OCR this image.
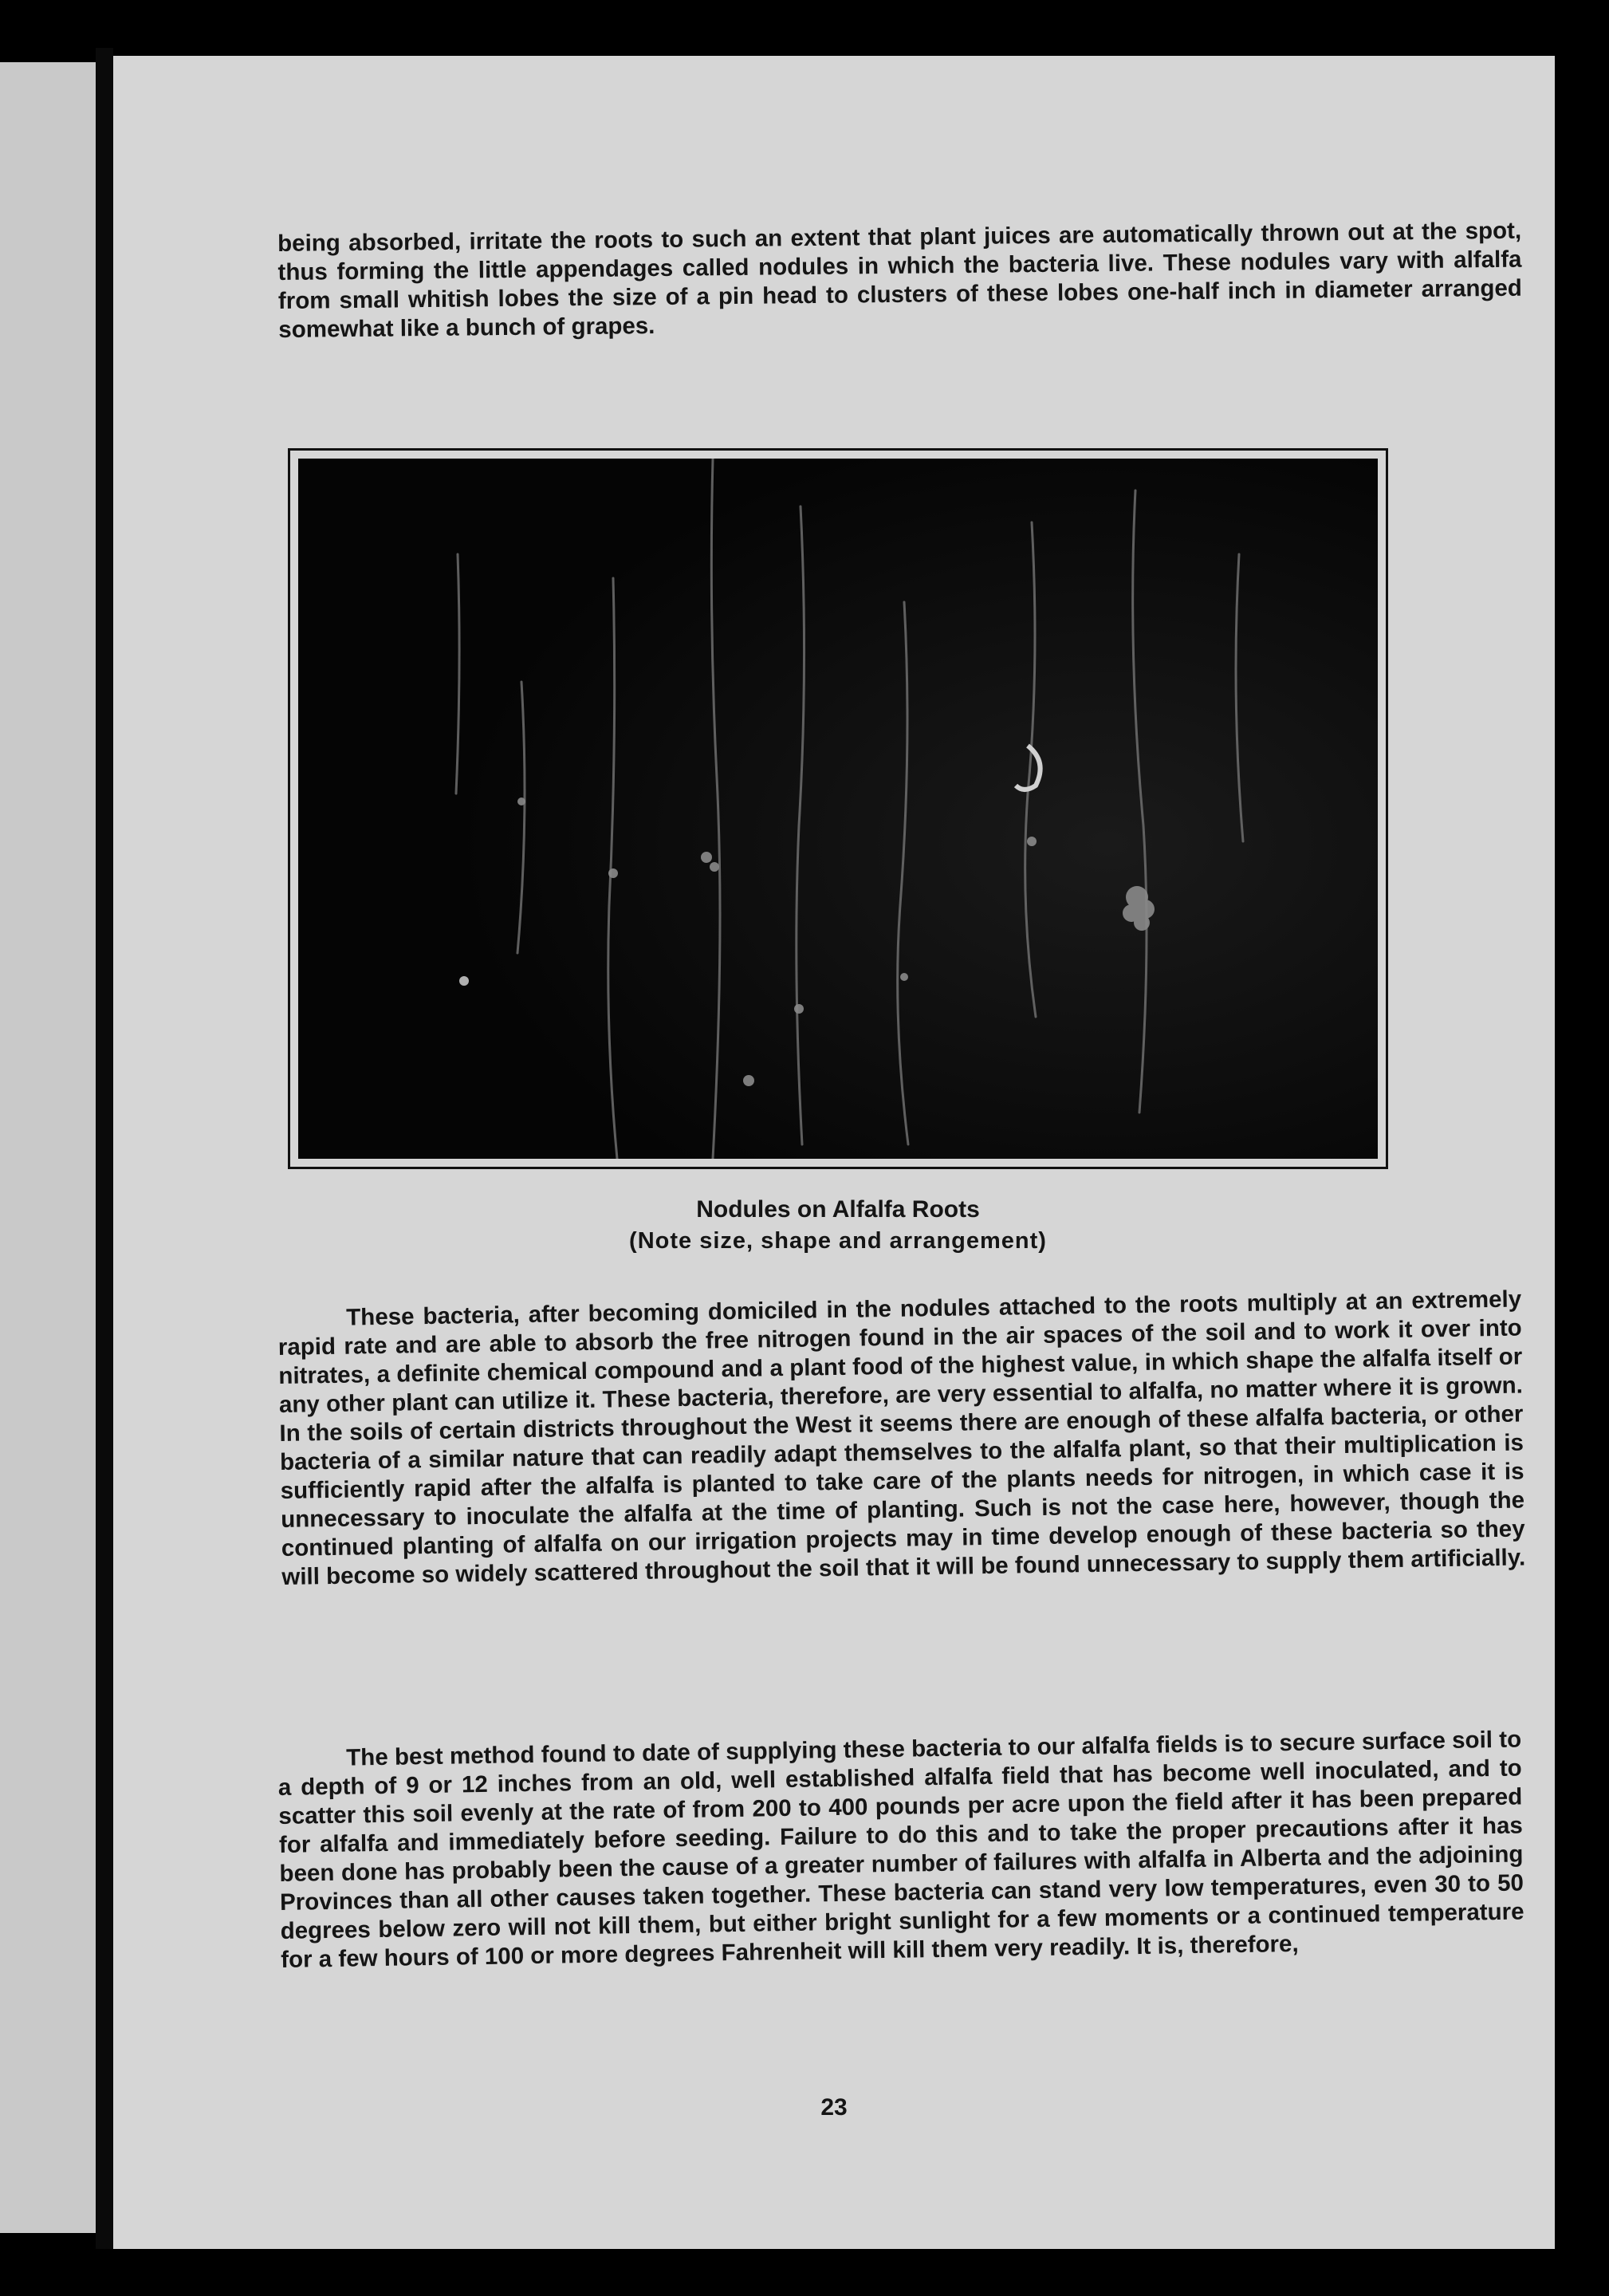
being absorbed, irritate the roots to such an extent that plant juices are automatically thrown out at the spot, thus forming the little appendages called nodules in which the bacteria live. These nodules vary with alfalfa from small whitish lobes the size of a pin head to clusters of these lobes one-half inch in diameter arranged somewhat like a bunch of grapes.

Nodules on Alfalfa Roots
(Note size, shape and arrangement)

These bacteria, after becoming domiciled in the nodules attached to the roots multiply at an extremely rapid rate and are able to absorb the free nitrogen found in the air spaces of the soil and to work it over into nitrates, a definite chemical compound and a plant food of the highest value, in which shape the alfalfa itself or any other plant can utilize it. These bacteria, therefore, are very essential to alfalfa, no matter where it is grown. In the soils of certain districts throughout the West it seems there are enough of these alfalfa bacteria, or other bacteria of a similar nature that can readily adapt themselves to the alfalfa plant, so that their multiplication is sufficiently rapid after the alfalfa is planted to take care of the plants needs for nitrogen, in which case it is unnecessary to inoculate the alfalfa at the time of planting. Such is not the case here, however, though the continued planting of alfalfa on our irrigation projects may in time develop enough of these bacteria so they will become so widely scattered throughout the soil that it will be found unnecessary to supply them artificially.

The best method found to date of supplying these bacteria to our alfalfa fields is to secure surface soil to a depth of 9 or 12 inches from an old, well established alfalfa field that has become well inoculated, and to scatter this soil evenly at the rate of from 200 to 400 pounds per acre upon the field after it has been prepared for alfalfa and immediately before seeding. Failure to do this and to take the proper precautions after it has been done has probably been the cause of a greater number of failures with alfalfa in Alberta and the adjoining Provinces than all other causes taken together. These bacteria can stand very low temperatures, even 30 to 50 degrees below zero will not kill them, but either bright sunlight for a few moments or a continued temperature for a few hours of 100 or more degrees Fahrenheit will kill them very readily. It is, therefore,

23
